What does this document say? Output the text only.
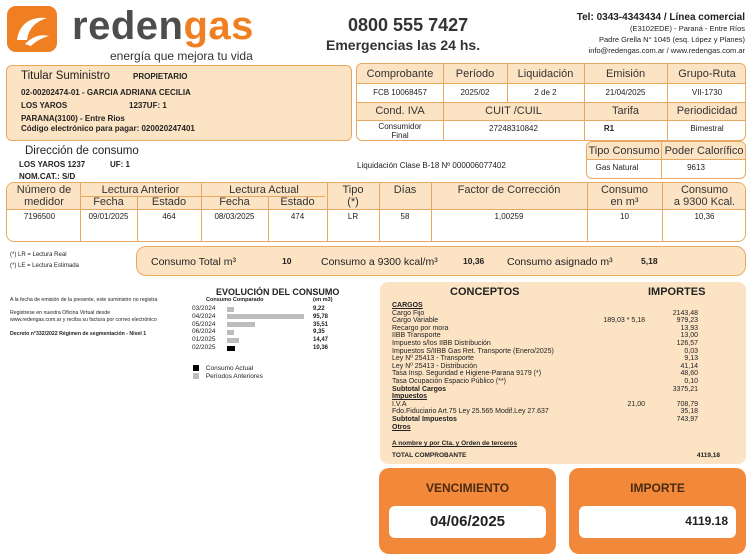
redengas
energía que mejora tu vida
0800 555 7427
Emergencias las 24 hs.
Tel: 0343-4343434 / Línea comercial
(E3102EDE) - Paraná - Entre Ríos
Padre Grella N° 1045 (esq. López y Planes)
info@redengas.com.ar / www.redengas.com.ar
Titular Suministro	PROPIETARIO
02-00202474-01 - GARCIA ADRIANA CECILIA
LOS YAROS	1237UF: 1
PARANA(3100) - Entre Rios
Código electrónico para pagar: 020020247401
Comprobante	Período	Liquidación	Emisión	Grupo-Ruta
FCB 10068457	2025/02	2 de 2	21/04/2025	VII-1730
Cond. IVA	CUIT /CUIL	Tarifa	Periodicidad
Consumidor
Final
27248310842	R1	Bimestral
Dirección de consumo
LOS YAROS 1237	UF: 1
NOM.CAT.: S/D
Liquidación Clase B-18 Nº 000006077402
Tipo Consumo Poder Calorífico
Gas Natural	9613
Número de medidor
Lectura Anterior	Lectura Actual
Fecha	Estado	Fecha	Estado
Tipo
(*)
Días	Factor de Corrección	Consumo
en m³
Consumo
a 9300 Kcal.
7196500	09/01/2025	464	08/03/2025	474	LR	58	1,00259	10	10,36
(*) LR = Lectura Real
(*) LE = Lectura Estimada	Consumo Total m³	10	Consumo a 9300 kcal/m³	10,36 Consumo asignado m³	5,18
A la fecha de emisión de la presente, este suministro no registra
Registrese en nuestra Oficina Virtual desde
www.redengas.com.ar y reciba su factura por correo electrónico
Decreto n°332/2022 Régimen de segmentación - Nivel 1
EVOLUCIÓN DEL CONSUMO
Consumo Comparado	(en m3)
03/2024	9,22
04/2024	95,78
05/2024	35,51
06/2024	9,35
01/2025	14,47
02/2025	10,36
Consumo Actual
Períodos Anteriores
CONCEPTOS	IMPORTES
CARGOS
Cargo Fijo	2143,48
Cargo Variable	189,03 * 5,18	979,23
Recargo por mora	13,93
IIBB Transporte	13,00
Impuesto s/los IIBB Distribución	126,57
Impuestos S/IIBB Gas Ret. Transporte (Enero/2025)	0,03
Ley Nº 25413 - Transporte	9,13
Ley Nº 25413 - Distribución	41,14
Tasa Insp. Seguridad e Higiene-Parana 9179 (*)	48,60
Tasa Ocupación Espacio Público (**)	0,10
Subtotal Cargos	3375,21
Impuestos
I.V.A	21,00	708,79
Fdo.Fiduciario Art.75 Ley 25.565 Modif.Ley 27.637	35,18
Subtotal Impuestos	743,97
Otros
A nombre y por Cta. y Orden de terceros
TOTAL COMPROBANTE	4119,18
VENCIMIENTO
04/06/2025
IMPORTE
4119.18
